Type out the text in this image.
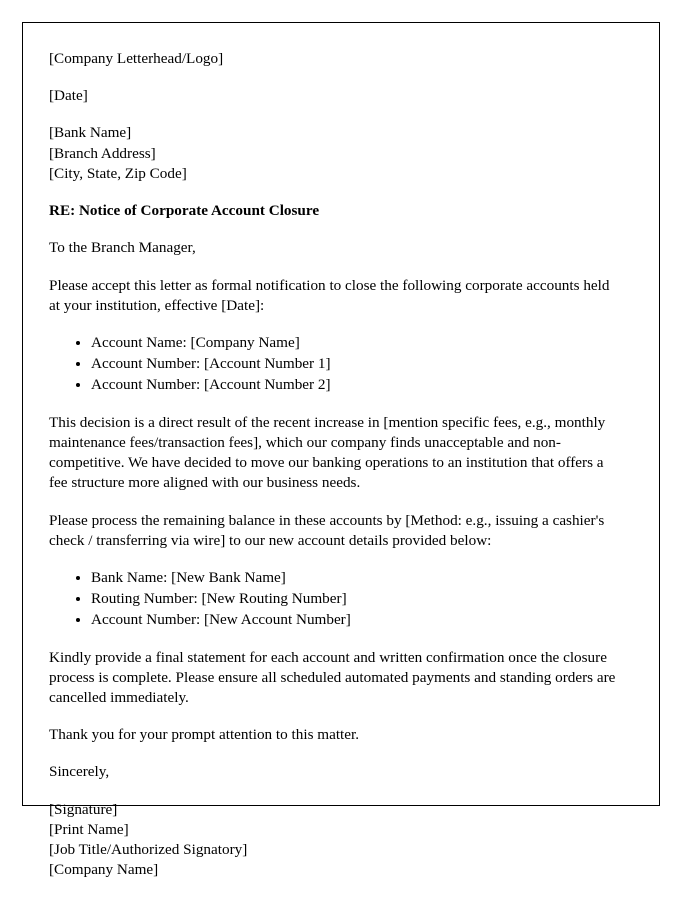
[Company Letterhead/Logo]

[Date]

[Bank Name]

[Branch Address]

[City, State, Zip Code]

RE: Notice of Corporate Account Closure

To the Branch Manager,

Please accept this letter as formal notification to close the following corporate accounts held at your institution, effective [Date]:

• Account Name: [Company Name]
• Account Number: [Account Number 1]
• Account Number: [Account Number 2]

This decision is a direct result of the recent increase in [mention specific fees, e.g., monthly maintenance fees/transaction fees], which our company finds unacceptable and non-competitive. We have decided to move our banking operations to an institution that offers a fee structure more aligned with our business needs.

Please process the remaining balance in these accounts by [Method: e.g., issuing a cashier's check / transferring via wire] to our new account details provided below:

• Bank Name: [New Bank Name]
• Routing Number: [New Routing Number]
• Account Number: [New Account Number]

Kindly provide a final statement for each account and written confirmation once the closure process is complete. Please ensure all scheduled automated payments and standing orders are cancelled immediately.

Thank you for your prompt attention to this matter.

Sincerely,

[Signature]

[Print Name]

[Job Title/Authorized Signatory]

[Company Name]
